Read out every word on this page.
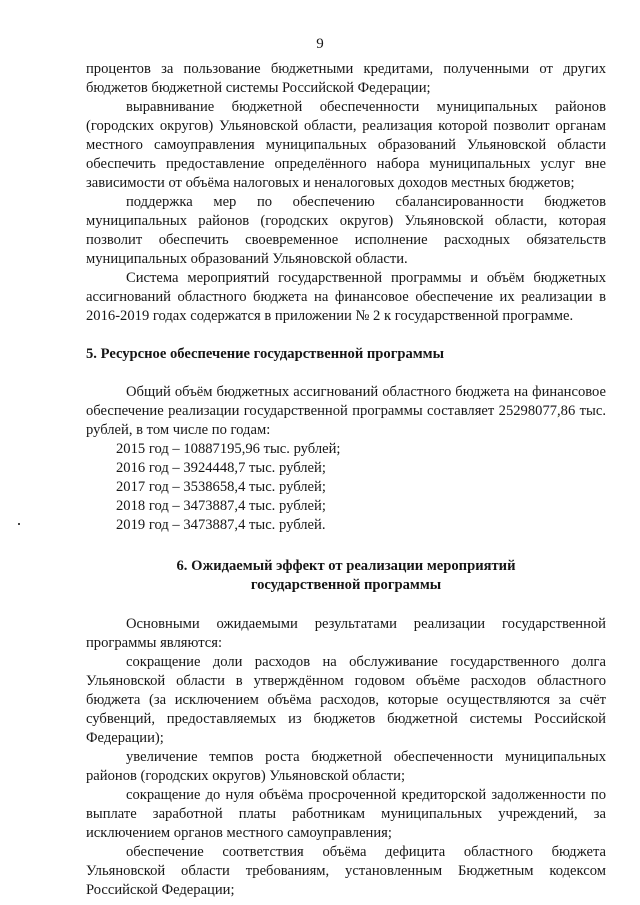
9

процентов за пользование бюджетными кредитами, полученными от других бюджетов бюджетной системы Российской Федерации;

выравнивание бюджетной обеспеченности муниципальных районов (городских округов) Ульяновской области, реализация которой позволит органам местного самоуправления муниципальных образований Ульяновской области обеспечить предоставление определённого набора муниципальных услуг вне зависимости от объёма налоговых и неналоговых доходов местных бюджетов;

поддержка мер по обеспечению сбалансированности бюджетов муниципальных районов (городских округов) Ульяновской области, которая позволит обеспечить своевременное исполнение расходных обязательств муниципальных образований Ульяновской области.

Система мероприятий государственной программы и объём бюджетных ассигнований областного бюджета на финансовое обеспечение их реализации в 2016-2019 годах содержатся в приложении № 2 к государственной программе.

5. Ресурсное обеспечение государственной программы

Общий объём бюджетных ассигнований областного бюджета на финансовое обеспечение реализации государственной программы составляет 25298077,86 тыс. рублей, в том числе по годам:

2015 год – 10887195,96 тыс. рублей;
2016 год – 3924448,7 тыс. рублей;
2017 год – 3538658,4 тыс. рублей;
2018 год – 3473887,4 тыс. рублей;
2019 год – 3473887,4 тыс. рублей.
6. Ожидаемый эффект от реализации мероприятий
государственной программы

Основными ожидаемыми результатами реализации государственной программы являются:

сокращение доли расходов на обслуживание государственного долга Ульяновской области в утверждённом годовом объёме расходов областного бюджета (за исключением объёма расходов, которые осуществляются за счёт субвенций, предоставляемых из бюджетов бюджетной системы Российской Федерации);

увеличение темпов роста бюджетной обеспеченности муниципальных районов (городских округов) Ульяновской области;

сокращение до нуля объёма просроченной кредиторской задолженности по выплате заработной платы работникам муниципальных учреждений, за исключением органов местного самоуправления;

обеспечение соответствия объёма дефицита областного бюджета Ульяновской области требованиям, установленным Бюджетным кодексом Российской Федерации;
